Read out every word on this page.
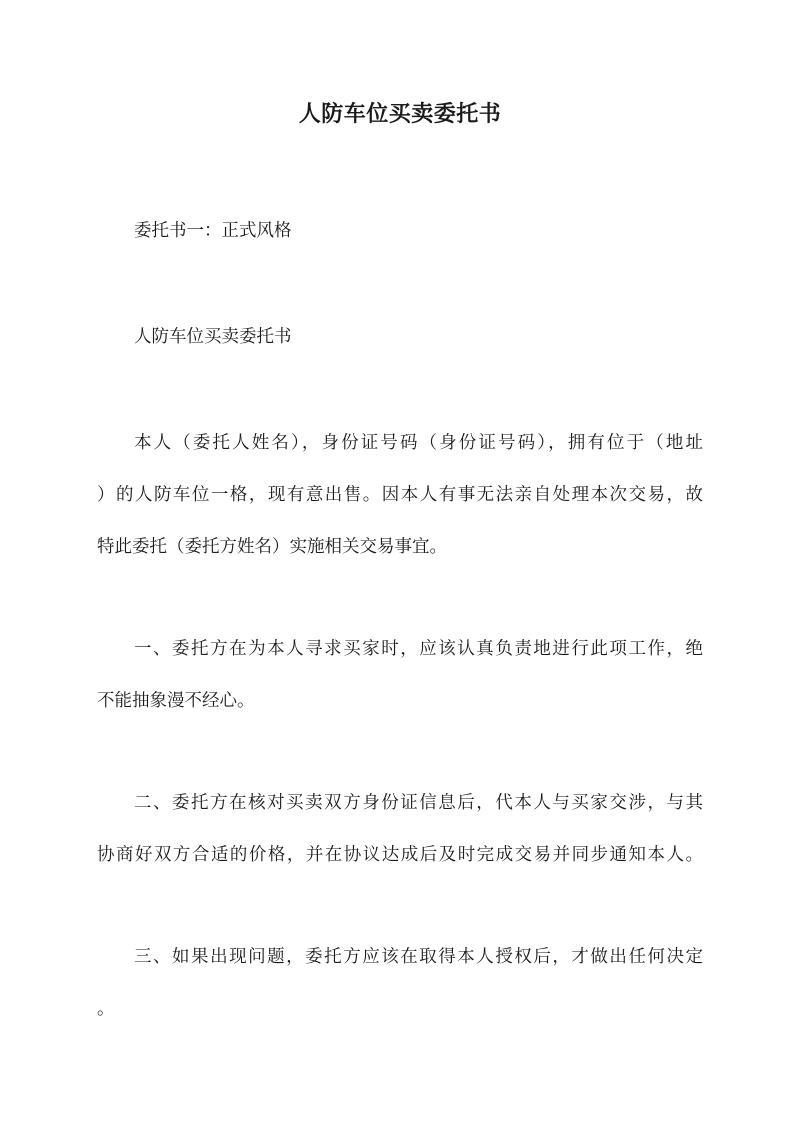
人防车位买卖委托书

委托书一：正式风格

人防车位买卖委托书

本人（委托人姓名），身份证号码（身份证号码），拥有位于（地址

）的人防车位一格，现有意出售。因本人有事无法亲自处理本次交易，故

特此委托（委托方姓名）实施相关交易事宜。

一、委托方在为本人寻求买家时，应该认真负责地进行此项工作，绝

不能抽象漫不经心。

二、委托方在核对买卖双方身份证信息后，代本人与买家交涉，与其

协商好双方合适的价格，并在协议达成后及时完成交易并同步通知本人。

三、如果出现问题，委托方应该在取得本人授权后，才做出任何决定

。
